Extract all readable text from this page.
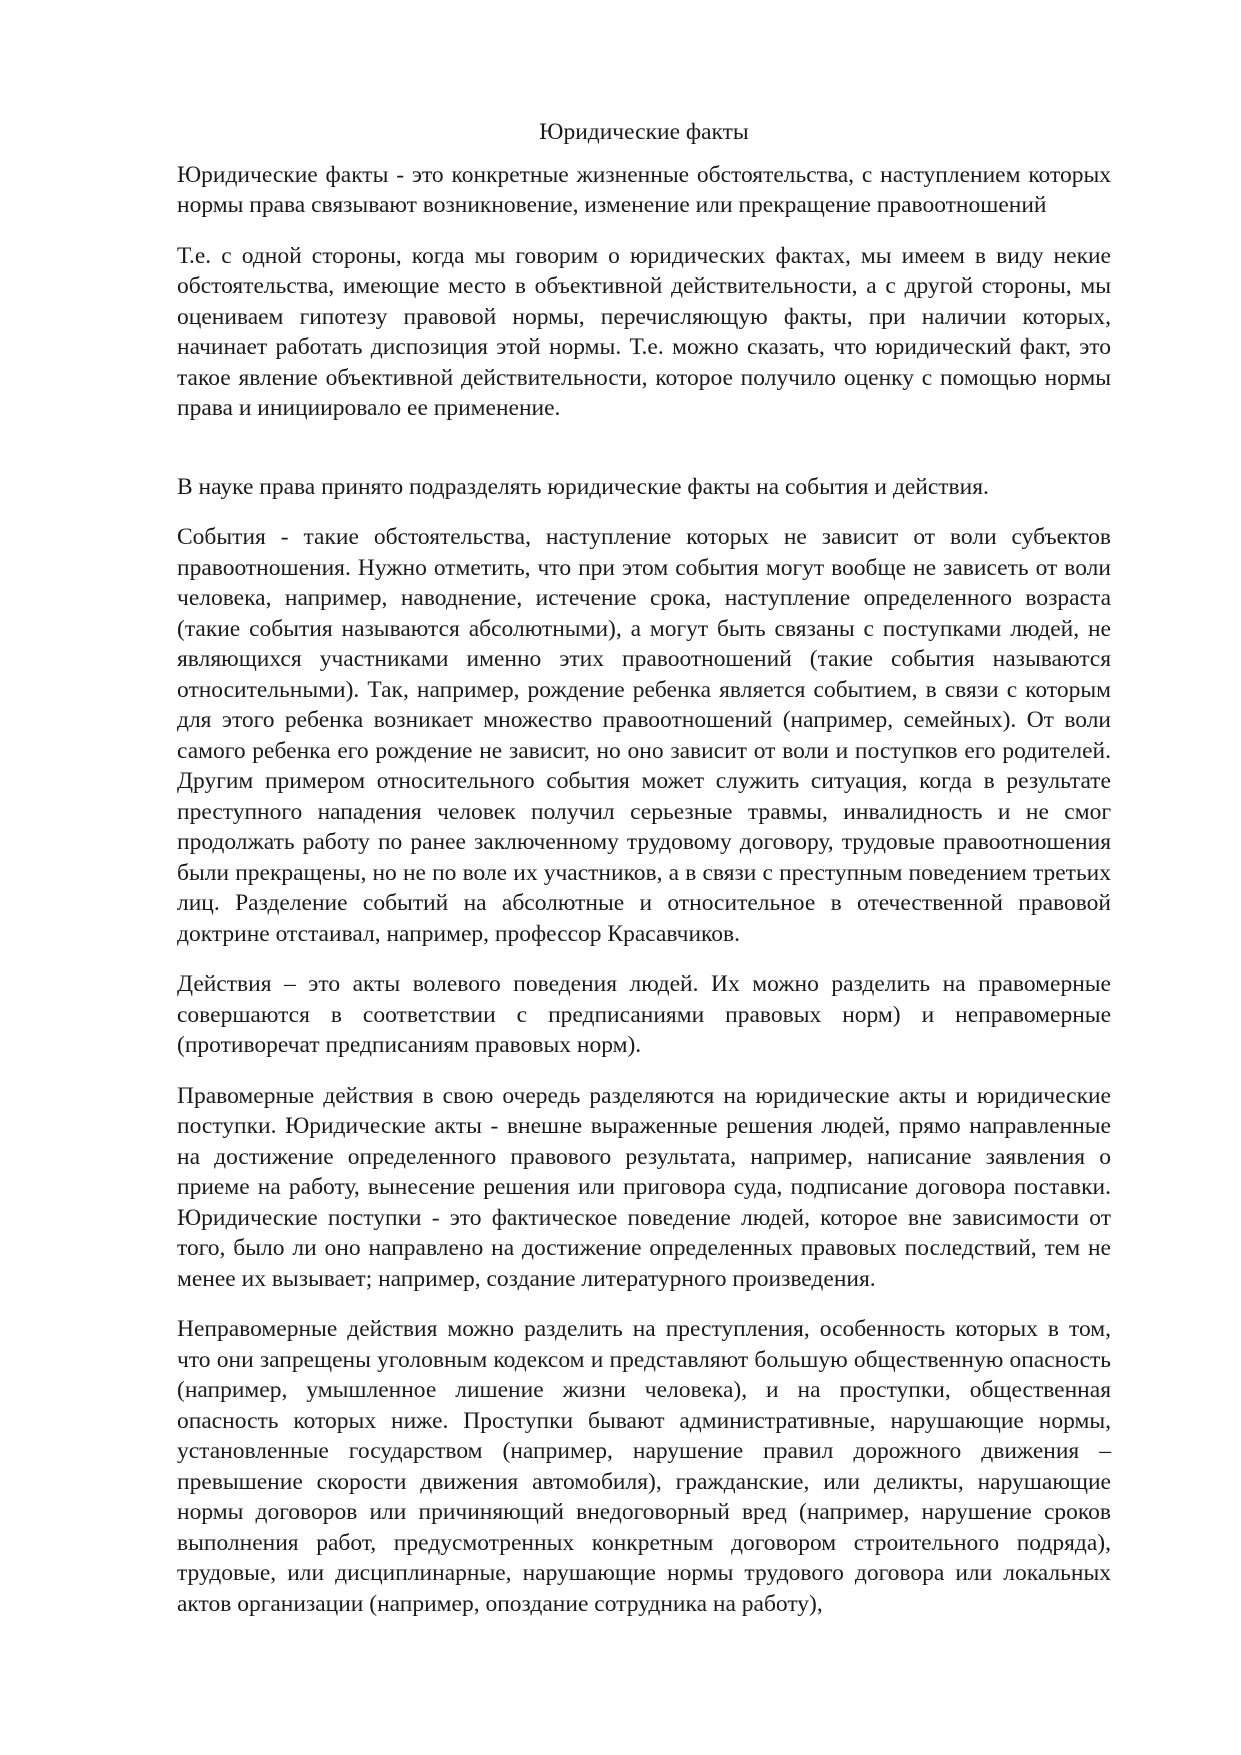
Юридические факты

Юридические факты - это конкретные жизненные обстоятельства, с наступлением которых нормы права связывают возникновение, изменение или прекращение правоотношений

Т.е. с одной стороны, когда мы говорим о юридических фактах, мы имеем в виду некие обстоятельства, имеющие место в объективной действительности, а с другой стороны, мы оцениваем гипотезу правовой нормы, перечисляющую факты, при наличии которых, начинает работать диспозиция этой нормы. Т.е. можно сказать, что юридический факт, это такое явление объективной действительности, которое получило оценку с помощью нормы права и инициировало ее применение.

В науке права принято подразделять юридические факты на события и действия.

События - такие обстоятельства, наступление которых не зависит от воли субъектов правоотношения. Нужно отметить, что при этом события могут вообще не зависеть от воли человека, например, наводнение, истечение срока, наступление определенного возраста (такие события называются абсолютными), а могут быть связаны с поступками людей, не являющихся участниками именно этих правоотношений (такие события называются относительными). Так, например, рождение ребенка является событием, в связи с которым для этого ребенка возникает множество правоотношений (например, семейных). От воли самого ребенка его рождение не зависит, но оно зависит от воли и поступков его родителей. Другим примером относительного события может служить ситуация, когда в результате преступного нападения человек получил серьезные травмы, инвалидность и не смог продолжать работу по ранее заключенному трудовому договору, трудовые правоотношения были прекращены, но не по воле их участников, а в связи с преступным поведением третьих лиц. Разделение событий на абсолютные и относительное в отечественной правовой доктрине отстаивал, например, профессор Красавчиков.

Действия – это акты волевого поведения людей. Их можно разделить на правомерные совершаются в соответствии с предписаниями правовых норм) и неправомерные (противоречат предписаниям правовых норм).

Правомерные действия в свою очередь разделяются на юридические акты и юридические поступки. Юридические акты - внешне выраженные решения людей, прямо направленные на достижение определенного правового результата, например, написание заявления о приеме на работу, вынесение решения или приговора суда, подписание договора поставки. Юридические поступки - это фактическое поведение людей, которое вне зависимости от того, было ли оно направлено на достижение определенных правовых последствий, тем не менее их вызывает; например, создание литературного произведения.

Неправомерные действия можно разделить на преступления, особенность которых в том, что они запрещены уголовным кодексом и представляют большую общественную опасность (например, умышленное лишение жизни человека), и на проступки, общественная опасность которых ниже. Проступки бывают административные, нарушающие нормы, установленные государством (например, нарушение правил дорожного движения – превышение скорости движения автомобиля), гражданские, или деликты, нарушающие нормы договоров или причиняющий внедоговорный вред (например, нарушение сроков выполнения работ, предусмотренных конкретным договором строительного подряда), трудовые, или дисциплинарные, нарушающие нормы трудового договора или локальных актов организации (например, опоздание сотрудника на работу),
